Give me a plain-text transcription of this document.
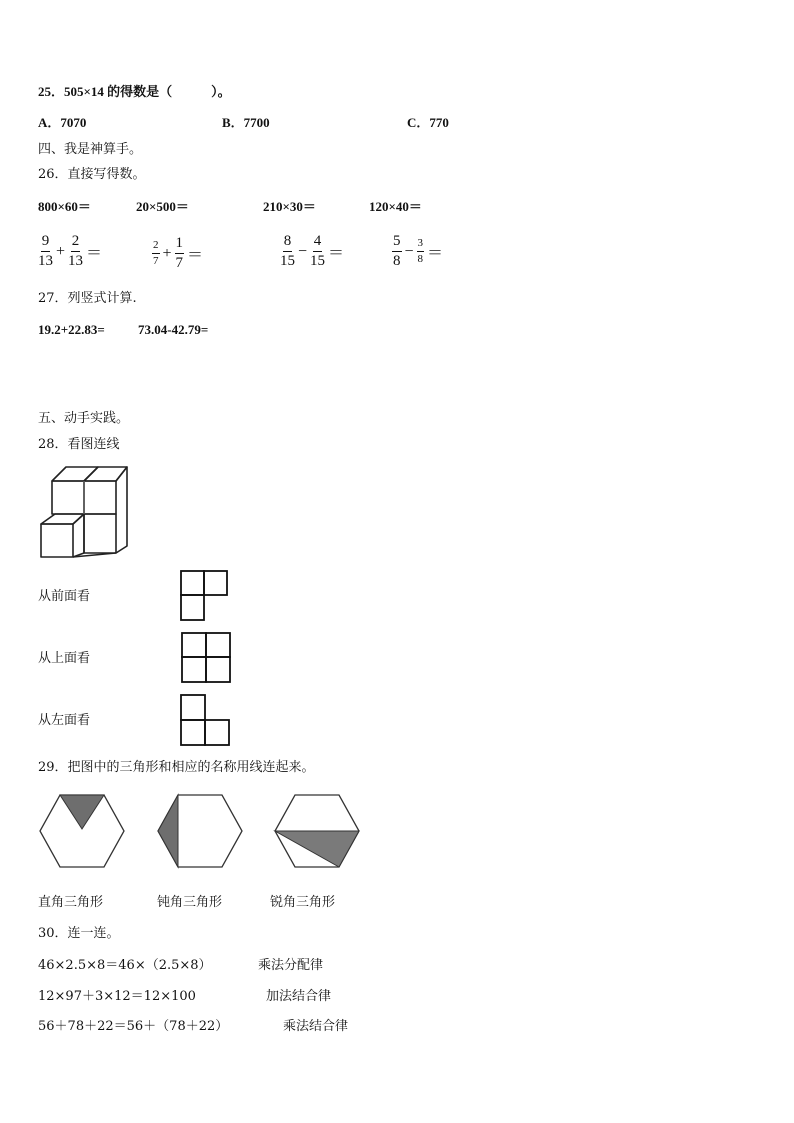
25．505×14 的得数是（　　　）。
A．7070	B．7700	C．770
四、我是神算手。
26．直接写得数。
800×60＝	20×500＝	210×30＝	120×40＝
$\frac{9}{13} + \frac{2}{13}$ ＝	$\frac{2}{7} + \frac{1}{7}$ ＝	$\frac{8}{15} - \frac{4}{15}$ ＝	$\frac{5}{8} - \frac{3}{8}$ ＝
27．列竖式计算.
19.2+22.83=	73.04-42.79=
五、动手实践。
28．看图连线
从前面看
从上面看
从左面看
29．把图中的三角形和相应的名称用线连起来。
直角三角形	钝角三角形	锐角三角形
30．连一连。
46×2.5×8＝46×（2.5×8）
12×97＋3×12＝12×100
56＋78＋22＝56＋（78＋22）
乘法分配律
加法结合律
乘法结合律
